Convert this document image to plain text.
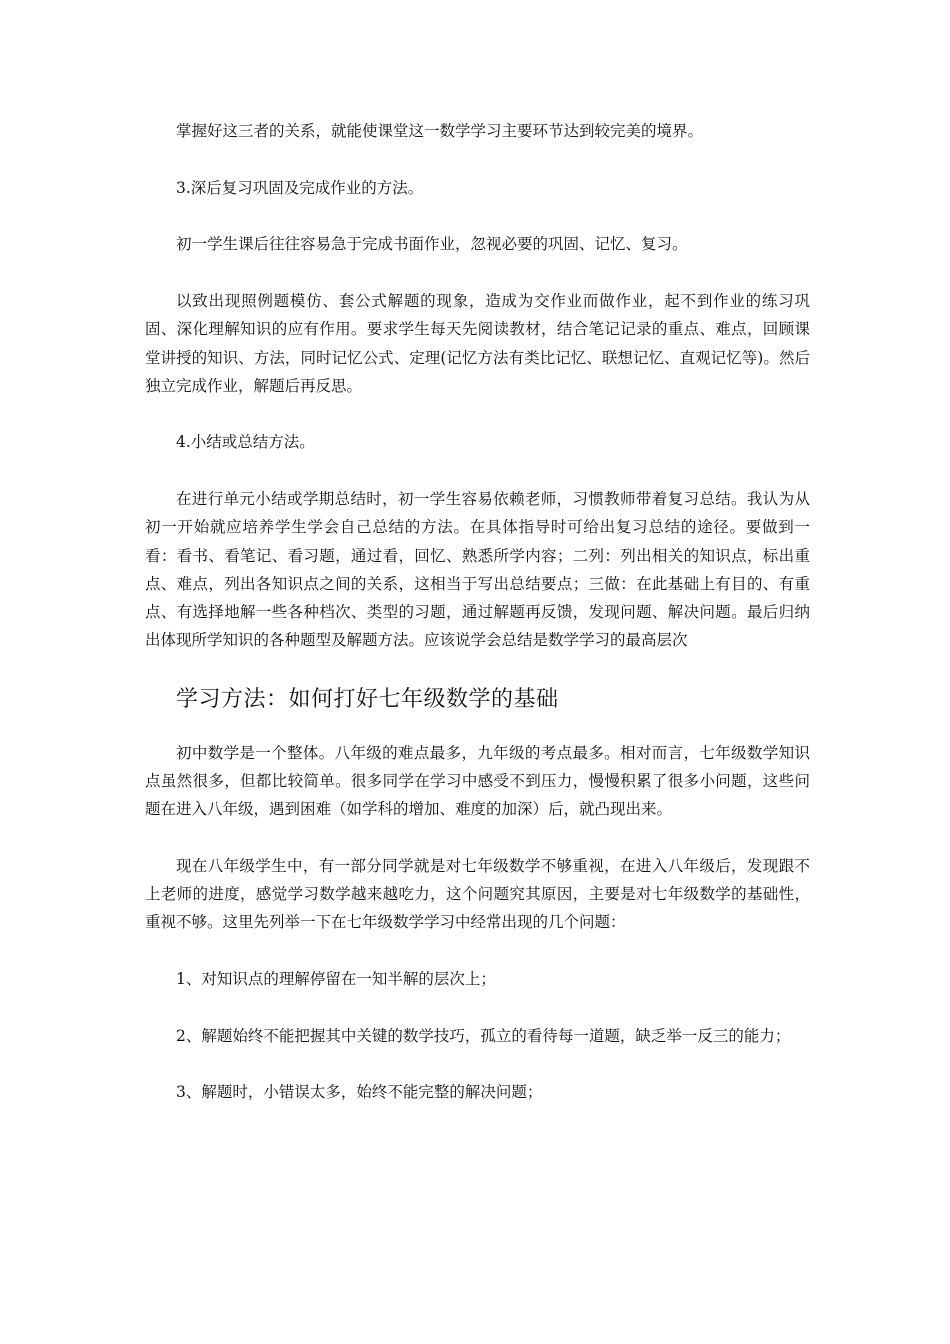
掌握好这三者的关系，就能使课堂这一数学学习主要环节达到较完美的境界。

3.深后复习巩固及完成作业的方法。

初一学生课后往往容易急于完成书面作业，忽视必要的巩固、记忆、复习。

以致出现照例题模仿、套公式解题的现象，造成为交作业而做作业，起不到作业的练习巩固、深化理解知识的应有作用。要求学生每天先阅读教材，结合笔记记录的重点、难点，回顾课堂讲授的知识、方法，同时记忆公式、定理(记忆方法有类比记忆、联想记忆、直观记忆等)。然后独立完成作业，解题后再反思。

4.小结或总结方法。

在进行单元小结或学期总结时，初一学生容易依赖老师，习惯教师带着复习总结。我认为从初一开始就应培养学生学会自己总结的方法。在具体指导时可给出复习总结的途径。要做到一看：看书、看笔记、看习题，通过看，回忆、熟悉所学内容；二列：列出相关的知识点，标出重点、难点，列出各知识点之间的关系，这相当于写出总结要点；三做：在此基础上有目的、有重点、有选择地解一些各种档次、类型的习题，通过解题再反馈，发现问题、解决问题。最后归纳出体现所学知识的各种题型及解题方法。应该说学会总结是数学学习的最高层次

学习方法：如何打好七年级数学的基础

初中数学是一个整体。八年级的难点最多，九年级的考点最多。相对而言，七年级数学知识点虽然很多，但都比较简单。很多同学在学习中感受不到压力，慢慢积累了很多小问题，这些问题在进入八年级，遇到困难（如学科的增加、难度的加深）后，就凸现出来。

现在八年级学生中，有一部分同学就是对七年级数学不够重视，在进入八年级后，发现跟不上老师的进度，感觉学习数学越来越吃力，这个问题究其原因，主要是对七年级数学的基础性，重视不够。这里先列举一下在七年级数学学习中经常出现的几个问题：

1、对知识点的理解停留在一知半解的层次上；

2、解题始终不能把握其中关键的数学技巧，孤立的看待每一道题，缺乏举一反三的能力；

3、解题时，小错误太多，始终不能完整的解决问题；
